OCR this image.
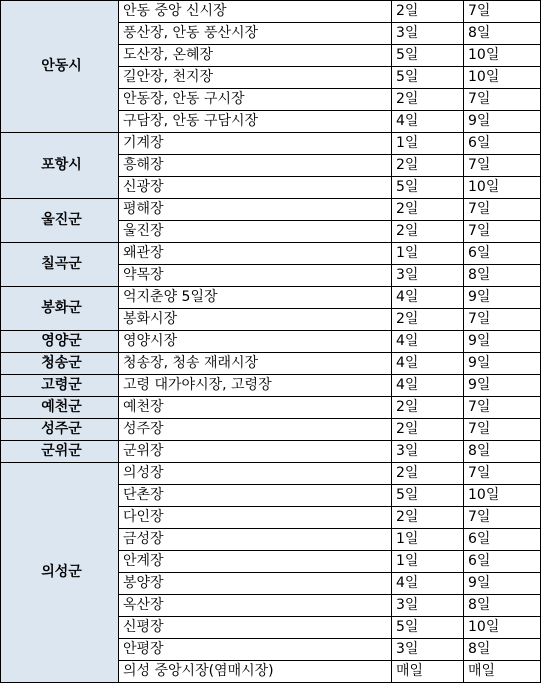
안동시	안동 중앙 신시장	2일	7일
	풍산장, 안동 풍산시장	3일	8일
	도산장, 온혜장	5일	10일
	길안장, 천지장	5일	10일
	안동장, 안동 구시장	2일	7일
	구담장, 안동 구담시장	4일	9일
포항시	기계장	1일	6일
	흥해장	2일	7일
	신광장	5일	10일
울진군	평해장	2일	7일
	울진장	2일	7일
칠곡군	왜관장	1일	6일
	약목장	3일	8일
봉화군	억지춘양 5일장	4일	9일
	봉화시장	2일	7일
영양군	영양시장	4일	9일
청송군	청송장, 청송 재래시장	4일	9일
고령군	고령 대가야시장, 고령장	4일	9일
예천군	예천장	2일	7일
성주군	성주장	2일	7일
군위군	군위장	3일	8일
의성군	의성장	2일	7일
	단촌장	5일	10일
	다인장	2일	7일
	금성장	1일	6일
	안계장	1일	6일
	봉양장	4일	9일
	옥산장	3일	8일
	신평장	5일	10일
	안평장	3일	8일
	의성 중앙시장(염매시장)	매일	매일
